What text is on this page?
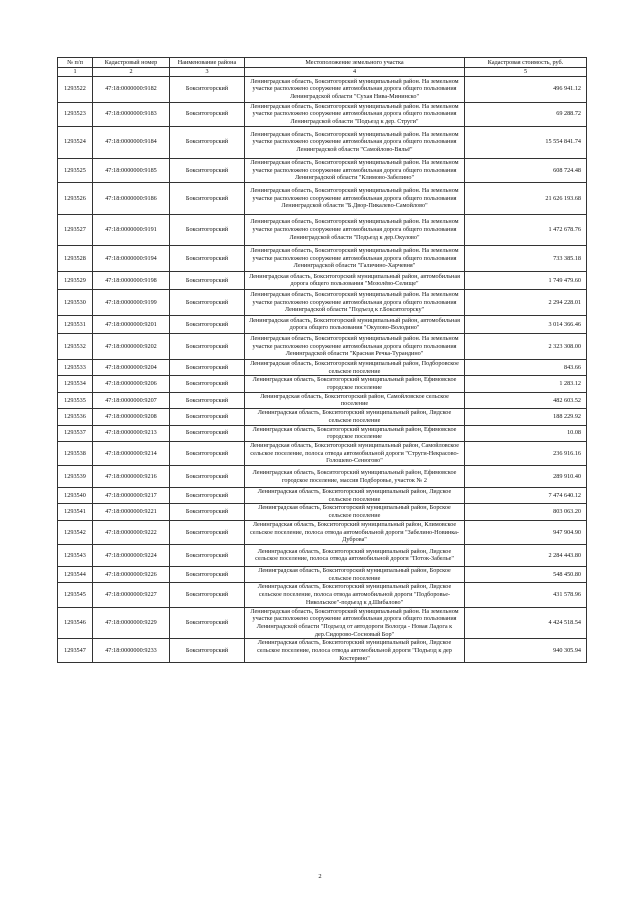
№ п/п	Кадастровый номер	Наименование района	Местоположение земельного участка	Кадастровая стоимость, руб.
1	2	3	4	5
1293522	47:18:0000000:9182	Бокситогорский	Ленинградская область, Бокситогорский муниципальный район. На земельном участке расположено сооружение автомобильная дорога общего пользования Ленинградской области "Сухая Нива-Мининско"	496 941.12
1293523	47:18:0000000:9183	Бокситогорский	Ленинградская область, Бокситогорский муниципальный район. На земельном участке расположено сооружение автомобильная дорога общего пользования Ленинградской области "Подъезд к дер. Струги"	69 288.72
1293524	47:18:0000000:9184	Бокситогорский	Ленинградская область, Бокситогорский муниципальный район. На земельном участке расположено сооружение автомобильная дорога общего пользования Ленинградской области "Самойлово-Вяльё"	15 554 841.74
1293525	47:18:0000000:9185	Бокситогорский	Ленинградская область, Бокситогорский муниципальный район. На земельном участке расположено сооружение автомобильная дорога общего пользования Ленинградской области "Климово-Забелино"	608 724.48
1293526	47:18:0000000:9186	Бокситогорский	Ленинградская область, Бокситогорский муниципальный район. На земельном участке расположено сооружение автомобильная дорога общего пользования Ленинградской области "Б.Двор-Пикалево-Самойлово"	21 626 193.68
1293527	47:18:0000000:9191	Бокситогорский	Ленинградская область, Бокситогорский муниципальный район. На земельном участке расположено сооружение автомобильная дорога общего пользования Ленинградской области "Подъезд к дер.Окулово"	1 472 678.76
1293528	47:18:0000000:9194	Бокситогорский	Ленинградская область, Бокситогорский муниципальный район. На земельном участке расположено сооружение автомобильная дорога общего пользования Ленинградской области "Галичино-Харчевня"	733 385.18
1293529	47:18:0000000:9198	Бокситогорский	Ленинградская область, Бокситогорский муниципальный район, автомобильная дорога общего пользования "Мозолёво-Селище"	1 749 479.60
1293530	47:18:0000000:9199	Бокситогорский	Ленинградская область, Бокситогорский муниципальный район. На земельном участке расположено сооружение автомобильная дорога общего пользования Ленинградской области "Подъезд к г.Бокситогорску"	2 294 228.01
1293531	47:18:0000000:9201	Бокситогорский	Ленинградская область, Бокситогорский муниципальный район, автомобильная дорога общего пользования "Окулово-Володино"	3 014 366.46
1293532	47:18:0000000:9202	Бокситогорский	Ленинградская область, Бокситогорский муниципальный район. На земельном участке расположено сооружение автомобильная дорога общего пользования Ленинградской области "Красная Речка-Турандино"	2 323 308.00
1293533	47:18:0000000:9204	Бокситогорский	Ленинградская область, Бокситогорский муниципальный район, Подборовское сельское поселение	843.66
1293534	47:18:0000000:9206	Бокситогорский	Ленинградская область, Бокситогорский муниципальный район, Ефимовское городское поселение	1 283.12
1293535	47:18:0000000:9207	Бокситогорский	Ленинградская область, Бокситогорский район, Самойловское сельское поселение	482 603.52
1293536	47:18:0000000:9208	Бокситогорский	Ленинградская область, Бокситогорский муниципальный район, Лидское сельское поселение	188 229.92
1293537	47:18:0000000:9213	Бокситогорский	Ленинградская область, Бокситогорский муниципальный район, Ефимовское городское поселение	10.08
1293538	47:18:0000000:9214	Бокситогорский	Ленинградская область, Бокситогорский муниципальный район, Самойловское сельское поселение, полоса отвода автомобильной дороги "Струги-Некрасово-Голошево-Сенюгово"	236 916.16
1293539	47:18:0000000:9216	Бокситогорский	Ленинградская область, Бокситогорский муниципальный район, Ефимовское городское поселение, массив Подборовье, участок № 2	289 910.40
1293540	47:18:0000000:9217	Бокситогорский	Ленинградская область, Бокситогорский муниципальный район, Лидское сельское поселение	7 474 640.12
1293541	47:18:0000000:9221	Бокситогорский	Ленинградская область, Бокситогорский муниципальный район, Борское сельское поселение	803 063.20
1293542	47:18:0000000:9222	Бокситогорский	Ленинградская область, Бокситогорский муниципальный район, Климовское сельское поселение, полоса отвода автомобильной дороги "Забелино-Новинка-Дуброва"	947 904.90
1293543	47:18:0000000:9224	Бокситогорский	Ленинградская область, Бокситогорский муниципальный район, Лидское сельское поселение, полоса отвода автомобильной дороги "Поток-Забелье"	2 284 443.80
1293544	47:18:0000000:9226	Бокситогорский	Ленинградская область, Бокситогорский муниципальный район, Борское сельское поселение	548 450.80
1293545	47:18:0000000:9227	Бокситогорский	Ленинградская область, Бокситогорский муниципальный район, Лидское сельское поселение, полоса отвода автомобильной дороги "Подборовье-Никольское"-подъезд к д.Шибалово"	431 578.96
1293546	47:18:0000000:9229	Бокситогорский	Ленинградская область, Бокситогорский муниципальный район. На земельном участке расположено сооружение автомобильная дорога общего пользования Ленинградской области "Подъезд от автодороги Вологда - Новая Ладога к дер.Сидорово-Сосновый Бор"	4 424 518.54
1293547	47:18:0000000:9233	Бокситогорский	Ленинградская область, Бокситогорский муниципальный район, Лидское сельское поселение, полоса отвода автомобильной дороги "Подъезд к дер Костерино"	940 305.94
2
